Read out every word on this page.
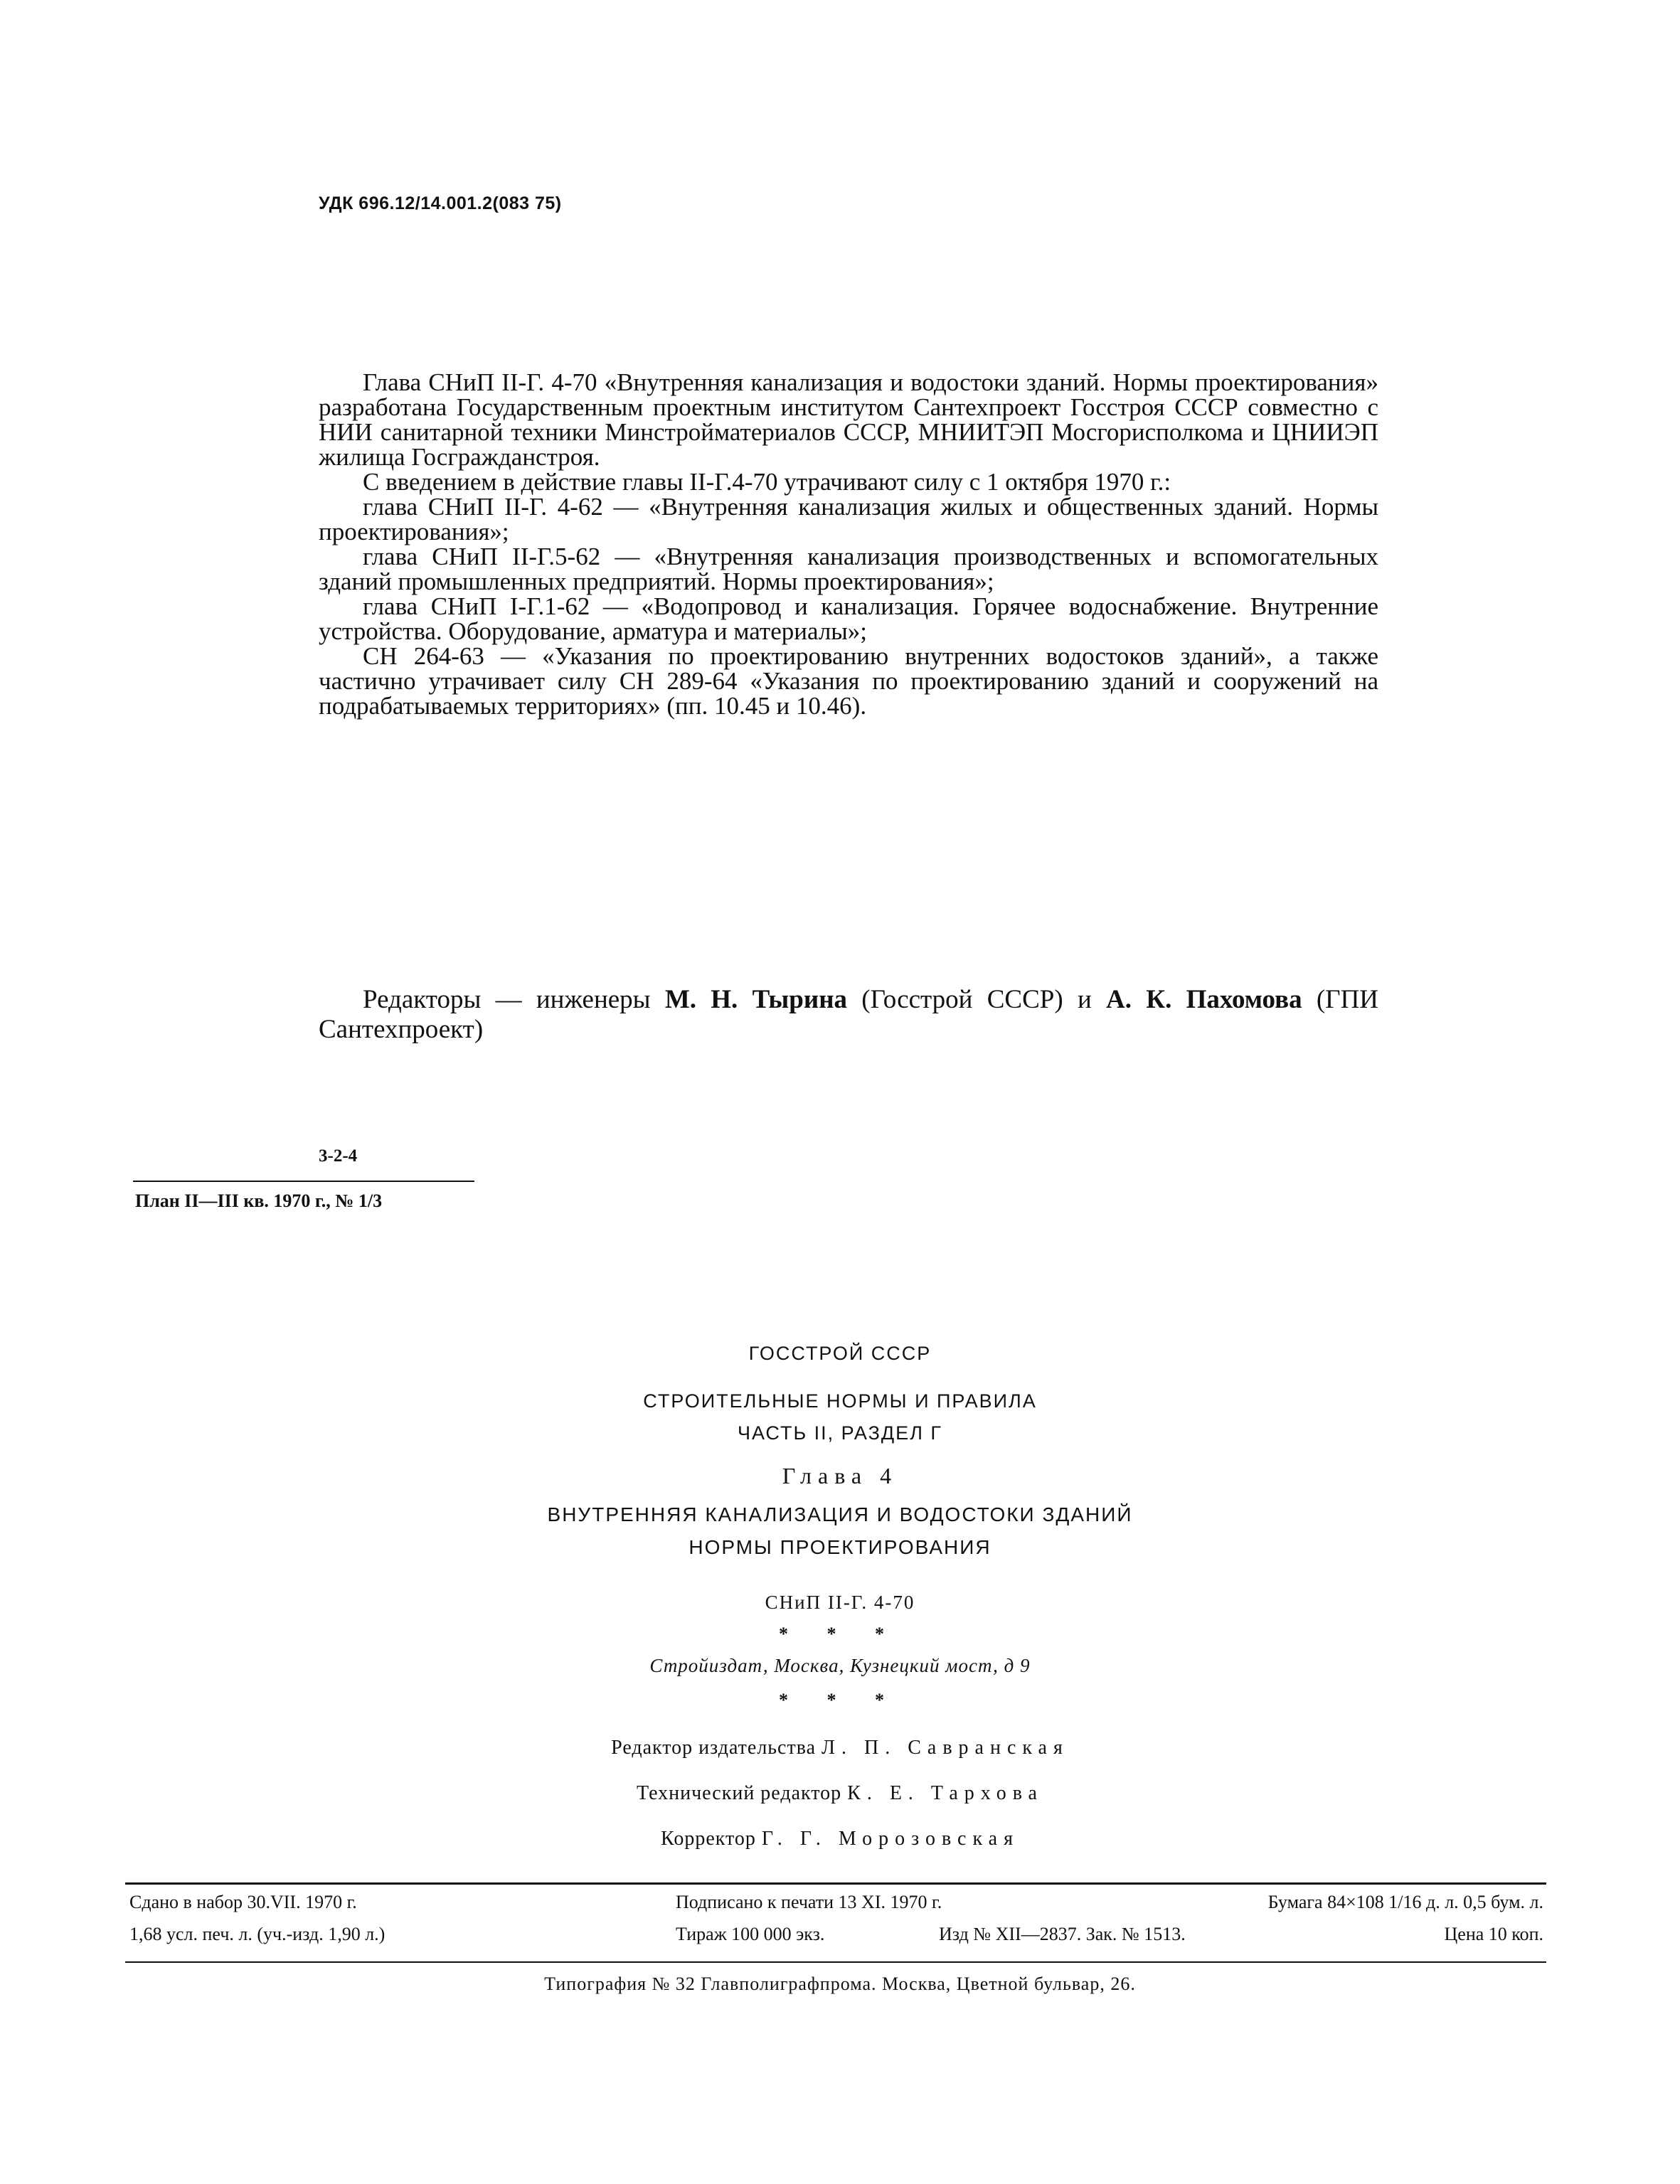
УДК 696.12/14.001.2(083 75)

Глава СНиП II-Г. 4-70 «Внутренняя канализация и водостоки зданий. Нормы проектирования» разработана Государственным проектным институтом Сантехпроект Госстроя СССР совместно с НИИ санитарной техники Минстройматериалов СССР, МНИИТЭП Мосгорисполкома и ЦНИИЭП жилища Госгражданстроя.

С введением в действие главы II-Г.4-70 утрачивают силу с 1 октября 1970 г.:

глава СНиП II-Г. 4-62 — «Внутренняя канализация жилых и общественных зданий. Нормы проектирования»;

глава СНиП II-Г.5-62 — «Внутренняя канализация производственных и вспомогательных зданий промышленных предприятий. Нормы проектирования»;

глава СНиП I-Г.1-62 — «Водопровод и канализация. Горячее водоснабжение. Внутренние устройства. Оборудование, арматура и материалы»;

СН 264-63 — «Указания по проектированию внутренних водостоков зданий», а также частично утрачивает силу СН 289-64 «Указания по проектированию зданий и сооружений на подрабатываемых территориях» (пп. 10.45 и 10.46).

Редакторы — инженеры М. Н. Тырина (Госстрой СССР) и А. К. Пахомова (ГПИ Сантехпроект)

3-2-4
План II—III кв. 1970 г., № 1/3
ГОССТРОЙ СССР
СТРОИТЕЛЬНЫЕ НОРМЫ И ПРАВИЛА
ЧАСТЬ II, РАЗДЕЛ Г
Глава 4
ВНУТРЕННЯЯ КАНАЛИЗАЦИЯ И ВОДОСТОКИ ЗДАНИЙ
НОРМЫ ПРОЕКТИРОВАНИЯ
СНиП II-Г. 4-70
* * *
Стройиздат, Москва, Кузнецкий мост, д 9
* * *
Редактор издательства Л. П. Савранская
Технический редактор К. Е. Тархова
Корректор Г. Г. Морозовская
Сдано в набор 30.VII. 1970 г.	Подписано к печати 13 XI. 1970 г.	Бумага 84×108 1/16 д. л. 0,5 бум. л.
1,68 усл. печ. л. (уч.-изд. 1,90 л.)	Тираж 100 000 экз.	Изд № XII—2837. Зак. № 1513.	Цена 10 коп.
Типография № 32 Главполиграфпрома. Москва, Цветной бульвар, 26.
